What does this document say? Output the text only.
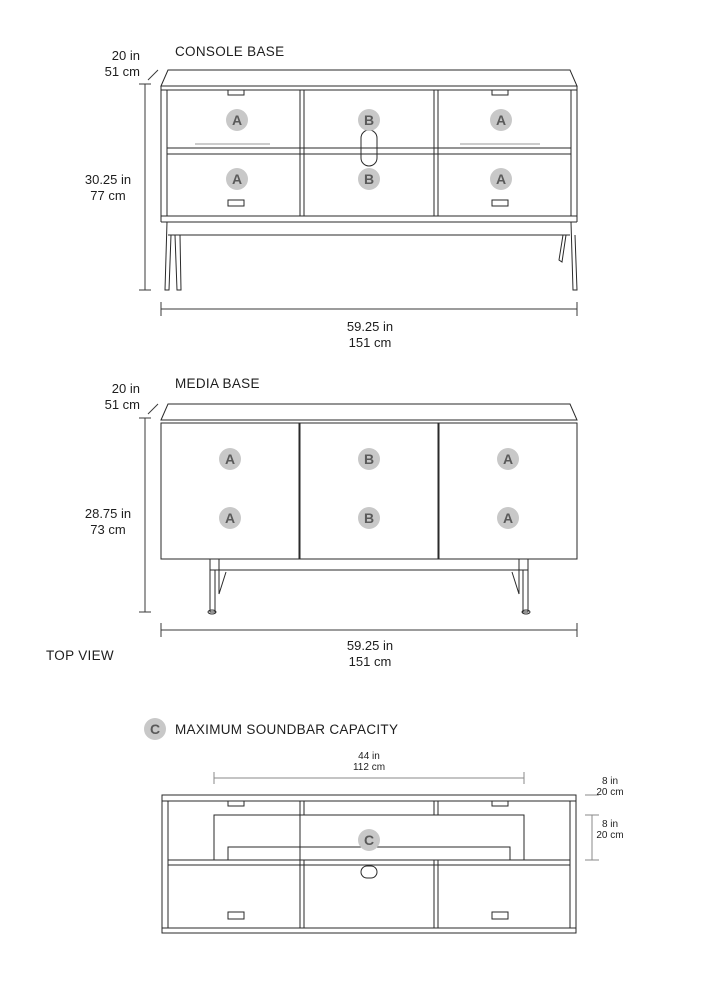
CONSOLE BASE
20 in
51 cm
30.25 in
77 cm
59.25 in
151 cm
A	B	A
A	B	A
MEDIA BASE
20 in
51 cm
28.75 in
73 cm
59.25 in
151 cm
A	B	A
A	B	A
TOP VIEW
C	MAXIMUM SOUNDBAR CAPACITY
44 in
112 cm
8 in
20 cm
8 in
20 cm
C
